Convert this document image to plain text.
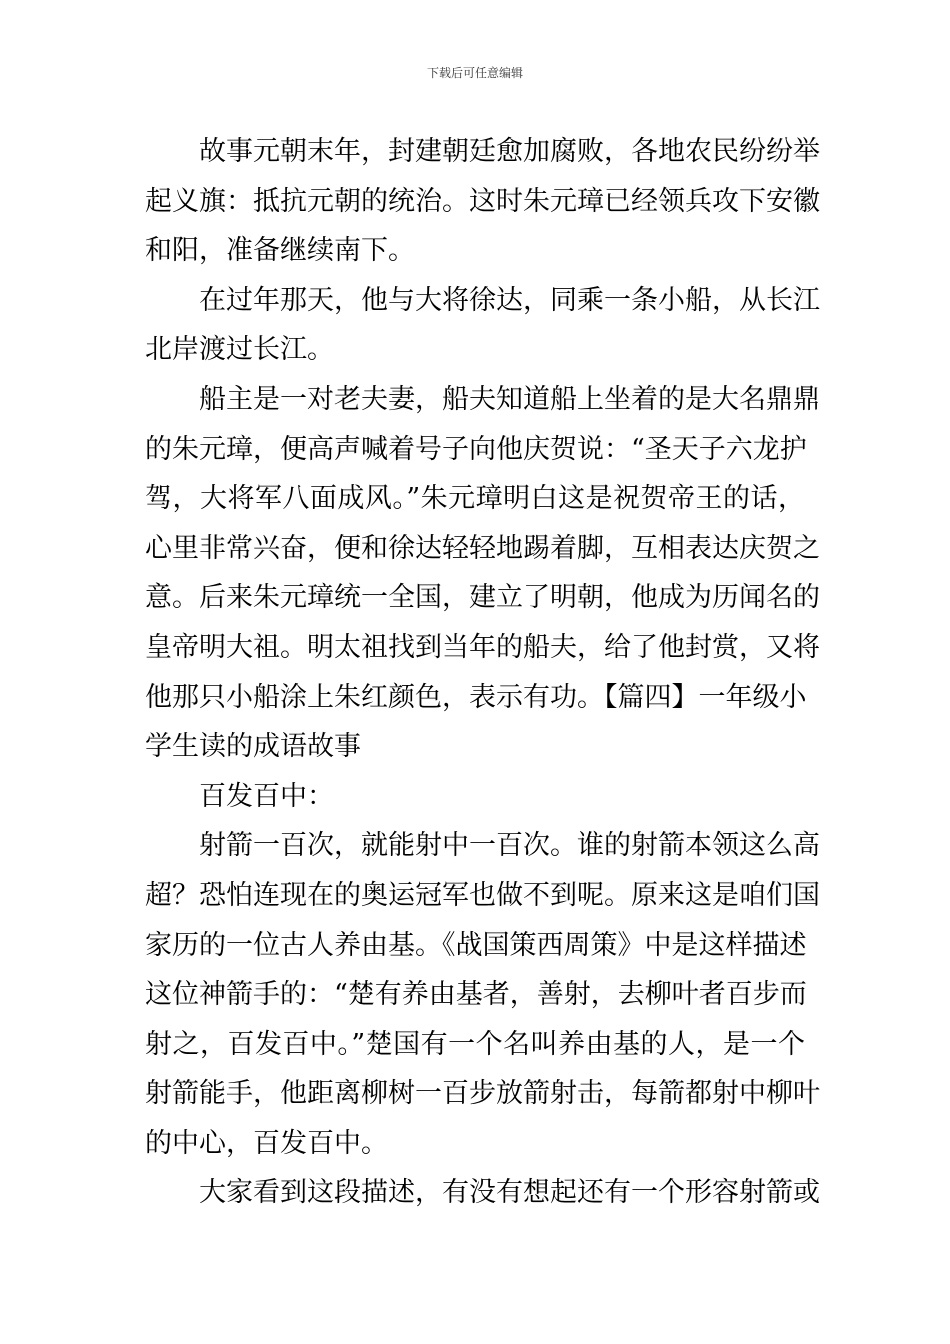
下载后可任意编辑
故事元朝末年，封建朝廷愈加腐败，各地农民纷纷举
起义旗：抵抗元朝的统治。这时朱元璋已经领兵攻下安徽
和阳，准备继续南下。
在过年那天，他与大将徐达，同乘一条小船，从长江
北岸渡过长江。
船主是一对老夫妻，船夫知道船上坐着的是大名鼎鼎
的朱元璋，便高声喊着号子向他庆贺说：“圣天子六龙护
驾，大将军八面成风。”朱元璋明白这是祝贺帝王的话，
心里非常兴奋，便和徐达轻轻地踢着脚，互相表达庆贺之
意。后来朱元璋统一全国，建立了明朝，他成为历闻名的
皇帝明大祖。明太祖找到当年的船夫，给了他封赏，又将
他那只小船涂上朱红颜色，表示有功。【篇四】一年级小
学生读的成语故事
百发百中：
射箭一百次，就能射中一百次。谁的射箭本领这么高
超？恐怕连现在的奥运冠军也做不到呢。原来这是咱们国
家历的一位古人养由基。《战国策西周策》中是这样描述
这位神箭手的：“楚有养由基者，善射，去柳叶者百步而
射之，百发百中。”楚国有一个名叫养由基的人，是一个
射箭能手，他距离柳树一百步放箭射击，每箭都射中柳叶
的中心，百发百中。
大家看到这段描述，有没有想起还有一个形容射箭或
